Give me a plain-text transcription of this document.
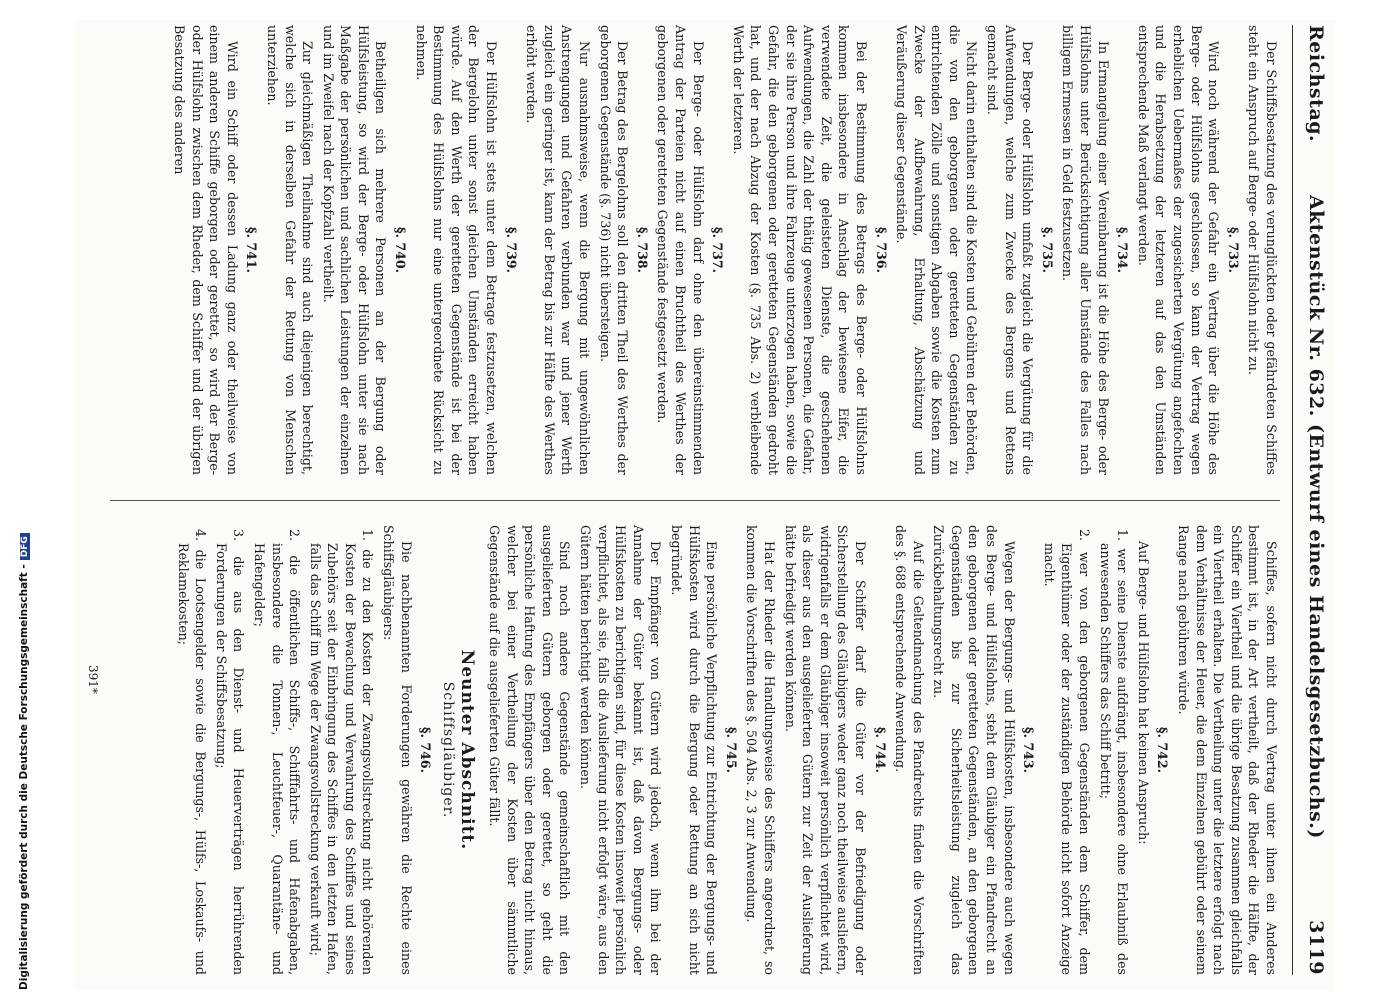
Digitalisierung gefördert durch die Deutsche Forschungsgemeinschaft -DFG
Reichstag.
Aktenstück Nr. 632. (Entwurf eines Handelsgesetzbuchs.)
3119
Der Schiffsbesatzung des verunglückten oder gefährdeten Schiffes steht ein Anspruch auf Berge- oder Hülfslohn nicht zu.
§. 733.
Wird noch während der Gefahr ein Vertrag über die Höhe des Berge- oder Hülfslohns geschlossen, so kann der Vertrag wegen erheblichen Uebermaßes der zugesicherten Vergütung angefochten und die Herabsetzung der letzteren auf das den Umständen entsprechende Maß verlangt werden.
§. 734.
In Ermangelung einer Vereinbarung ist die Höhe des Berge- oder Hülfslohns unter Berücksichtigung aller Umstände des Falles nach billigem Ermessen in Geld festzusetzen.
§. 735.
Der Berge- oder Hülfslohn umfaßt zugleich die Vergütung für die Aufwendungen, welche zum Zwecke des Bergens und Rettens gemacht sind.
Nicht darin enthalten sind die Kosten und Gebühren der Behörden, die von den geborgenen oder geretteten Gegenständen zu entrichtenden Zölle und sonstigen Abgaben sowie die Kosten zum Zwecke der Aufbewahrung, Erhaltung, Abschätzung und Veräußerung dieser Gegenstände.
§. 736.
Bei der Bestimmung des Betrags des Berge- oder Hülfslohns kommen insbesondere in Anschlag der bewiesene Eifer, die verwendete Zeit, die geleisteten Dienste, die geschehenen Aufwendungen, die Zahl der thätig gewesenen Personen, die Gefahr, der sie ihre Person und ihre Fahrzeuge unterzogen haben, sowie die Gefahr, die den geborgenen oder geretteten Gegenständen gedroht hat, und der nach Abzug der Kosten (§. 735 Abs. 2) verbleibende Werth der letzteren.
§. 737.
Der Berge- oder Hülfslohn darf ohne den übereinstimmenden Antrag der Parteien nicht auf einen Bruchtheil des Werthes der geborgenen oder geretteten Gegenstände festgesetzt werden.
§. 738.
Der Betrag des Bergelohns soll den dritten Theil des Werthes der geborgenen Gegenstände (§. 736) nicht übersteigen.
Nur ausnahmsweise, wenn die Bergung mit ungewöhnlichen Anstrengungen und Gefahren verbunden war und jener Werth zugleich ein geringer ist, kann der Betrag bis zur Hälfte des Werthes erhöht werden.
§. 739.
Der Hülfslohn ist stets unter dem Betrage festzusetzen, welchen der Bergelohn unter sonst gleichen Umständen erreicht haben würde. Auf den Werth der geretteten Gegenstände ist bei der Bestimmung des Hülfslohns nur eine untergeordnete Rücksicht zu nehmen.
§. 740.
Betheiligen sich mehrere Personen an der Bergung oder Hülfsleistung, so wird der Berge- oder Hülfslohn unter sie nach Maßgabe der persönlichen und sachlichen Leistungen der einzelnen und im Zweifel nach der Kopfzahl vertheilt.
Zur gleichmäßigen Theilnahme sind auch diejenigen berechtigt, welche sich in derselben Gefahr der Rettung von Menschen unterziehen.
§. 741.
Wird ein Schiff oder dessen Ladung ganz oder theilweise von einem anderen Schiffe geborgen oder gerettet, so wird der Berge- oder Hülfslohn zwischen dem Rheder, dem Schiffer und der übrigen Besatzung des anderen
Schiffes, sofern nicht durch Vertrag unter ihnen ein Anderes bestimmt ist, in der Art vertheilt, daß der Rheder die Hälfte, der Schiffer ein Viertheil und die übrige Besatzung zusammen gleichfalls ein Viertheil erhalten. Die Vertheilung unter die letztere erfolgt nach dem Verhältnisse der Heuer, die dem Einzelnen gebührt oder seinem Range nach gebühren würde.
§. 742.
Auf Berge- und Hülfslohn hat keinen Anspruch:
1. wer seine Dienste aufdrängt, insbesondere ohne Erlaubniß des anwesenden Schiffers das Schiff betritt;
2. wer von den geborgenen Gegenständen dem Schiffer, dem Eigenthümer oder der zuständigen Behörde nicht sofort Anzeige macht.
§. 743.
Wegen der Bergungs- und Hülfskosten, insbesondere auch wegen des Berge- und Hülfslohns, steht dem Gläubiger ein Pfandrecht an den geborgenen oder geretteten Gegenständen, an den geborgenen Gegenständen bis zur Sicherheitsleistung zugleich das Zurückbehaltungsrecht zu.
Auf die Geltendmachung des Pfandrechts finden die Vorschriften des §. 688 entsprechende Anwendung.
§. 744.
Der Schiffer darf die Güter vor der Befriedigung oder Sicherstellung des Gläubigers weder ganz noch theilweise ausliefern, widrigenfalls er dem Gläubiger insoweit persönlich verpflichtet wird, als dieser aus den ausgelieferten Gütern zur Zeit der Auslieferung hätte befriedigt werden können.
Hat der Rheder die Handlungsweise des Schiffers angeordnet, so kommen die Vorschriften des §. 504 Abs. 2, 3 zur Anwendung.
§. 745.
Eine persönliche Verpflichtung zur Entrichtung der Bergungs- und Hülfskosten wird durch die Bergung oder Rettung an sich nicht begründet.
Der Empfänger von Gütern wird jedoch, wenn ihm bei der Annahme der Güter bekannt ist, daß davon Bergungs- oder Hülfskosten zu berichtigen sind, für diese Kosten insoweit persönlich verpflichtet, als sie, falls die Auslieferung nicht erfolgt wäre, aus den Gütern hätten berichtigt werden können.
Sind noch andere Gegenstände gemeinschaftlich mit den ausgelieferten Gütern geborgen oder gerettet, so geht die persönliche Haftung des Empfängers über den Betrag nicht hinaus, welcher bei einer Vertheilung der Kosten über sämmtliche Gegenstände auf die ausgelieferten Güter fällt.
Neunter Abschnitt.
Schiffsgläubiger.
§. 746.
Die nachbenannten Forderungen gewähren die Rechte eines Schiffsgläubigers:
1. die zu den Kosten der Zwangsvollstreckung nicht gehörenden Kosten der Bewachung und Verwahrung des Schiffes und seines Zubehörs seit der Einbringung des Schiffes in den letzten Hafen, falls das Schiff im Wege der Zwangsvollstreckung verkauft wird;
2. die öffentlichen Schiffs-, Schifffahrts- und Hafenabgaben, insbesondere die Tonnen-, Leuchtfeuer-, Quarantäne- und Hafengelder;
3. die aus den Dienst- und Heuerverträgen herrührenden Forderungen der Schiffsbesatzung;
4. die Lootsengelder sowie die Bergungs-, Hülfs-, Loskaufs- und Reklamekosten;
391*
